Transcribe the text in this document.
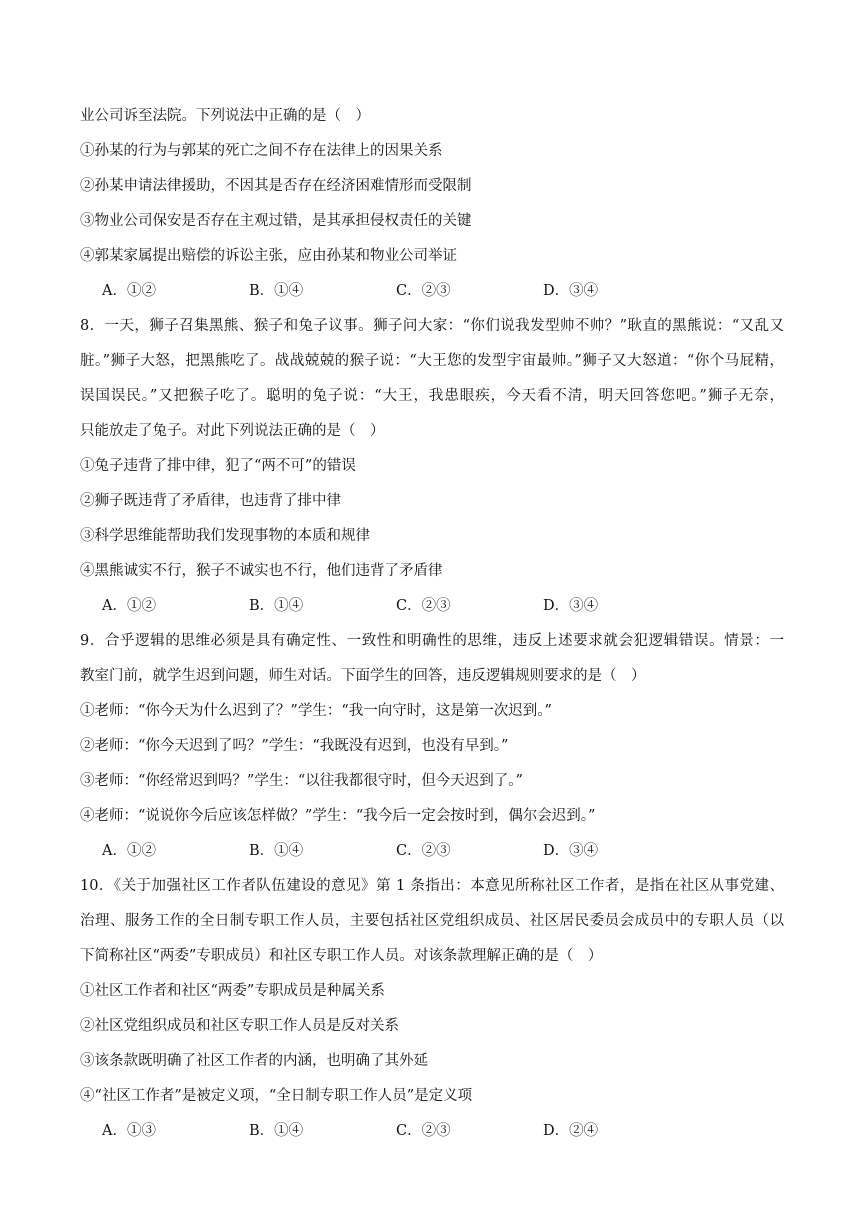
业公司诉至法院。下列说法中正确的是（　）
①孙某的行为与郭某的死亡之间不存在法律上的因果关系
②孙某申请法律援助，不因其是否存在经济困难情形而受限制
③物业公司保安是否存在主观过错，是其承担侵权责任的关键
④郭某家属提出赔偿的诉讼主张，应由孙某和物业公司举证
A．①②	B．①④	C．②③	D．③④
8．一天，狮子召集黑熊、猴子和兔子议事。狮子问大家：“你们说我发型帅不帅？”耿直的黑熊说：“又乱又
脏。”狮子大怒，把黑熊吃了。战战兢兢的猴子说：“大王您的发型宇宙最帅。”狮子又大怒道：“你个马屁精，
误国误民。”又把猴子吃了。聪明的兔子说：“大王，我患眼疾，今天看不清，明天回答您吧。”狮子无奈，
只能放走了兔子。对此下列说法正确的是（　）
①兔子违背了排中律，犯了“两不可”的错误
②狮子既违背了矛盾律，也违背了排中律
③科学思维能帮助我们发现事物的本质和规律
④黑熊诚实不行，猴子不诚实也不行，他们违背了矛盾律
A．①②	B．①④	C．②③	D．③④
9．合乎逻辑的思维必须是具有确定性、一致性和明确性的思维，违反上述要求就会犯逻辑错误。情景：一
教室门前，就学生迟到问题，师生对话。下面学生的回答，违反逻辑规则要求的是（　）
①老师：“你今天为什么迟到了？”学生：“我一向守时，这是第一次迟到。”
②老师：“你今天迟到了吗？”学生：“我既没有迟到，也没有早到。”
③老师：“你经常迟到吗？”学生：“以往我都很守时，但今天迟到了。”
④老师：“说说你今后应该怎样做？”学生：“我今后一定会按时到，偶尔会迟到。”
A．①②	B．①④	C．②③	D．③④
10．《关于加强社区工作者队伍建设的意见》第 1 条指出：本意见所称社区工作者，是指在社区从事党建、
治理、服务工作的全日制专职工作人员，主要包括社区党组织成员、社区居民委员会成员中的专职人员（以
下简称社区“两委”专职成员）和社区专职工作人员。对该条款理解正确的是（　）
①社区工作者和社区“两委”专职成员是种属关系
②社区党组织成员和社区专职工作人员是反对关系
③该条款既明确了社区工作者的内涵，也明确了其外延
④“社区工作者”是被定义项，“全日制专职工作人员”是定义项
A．①③	B．①④	C．②③	D．②④
